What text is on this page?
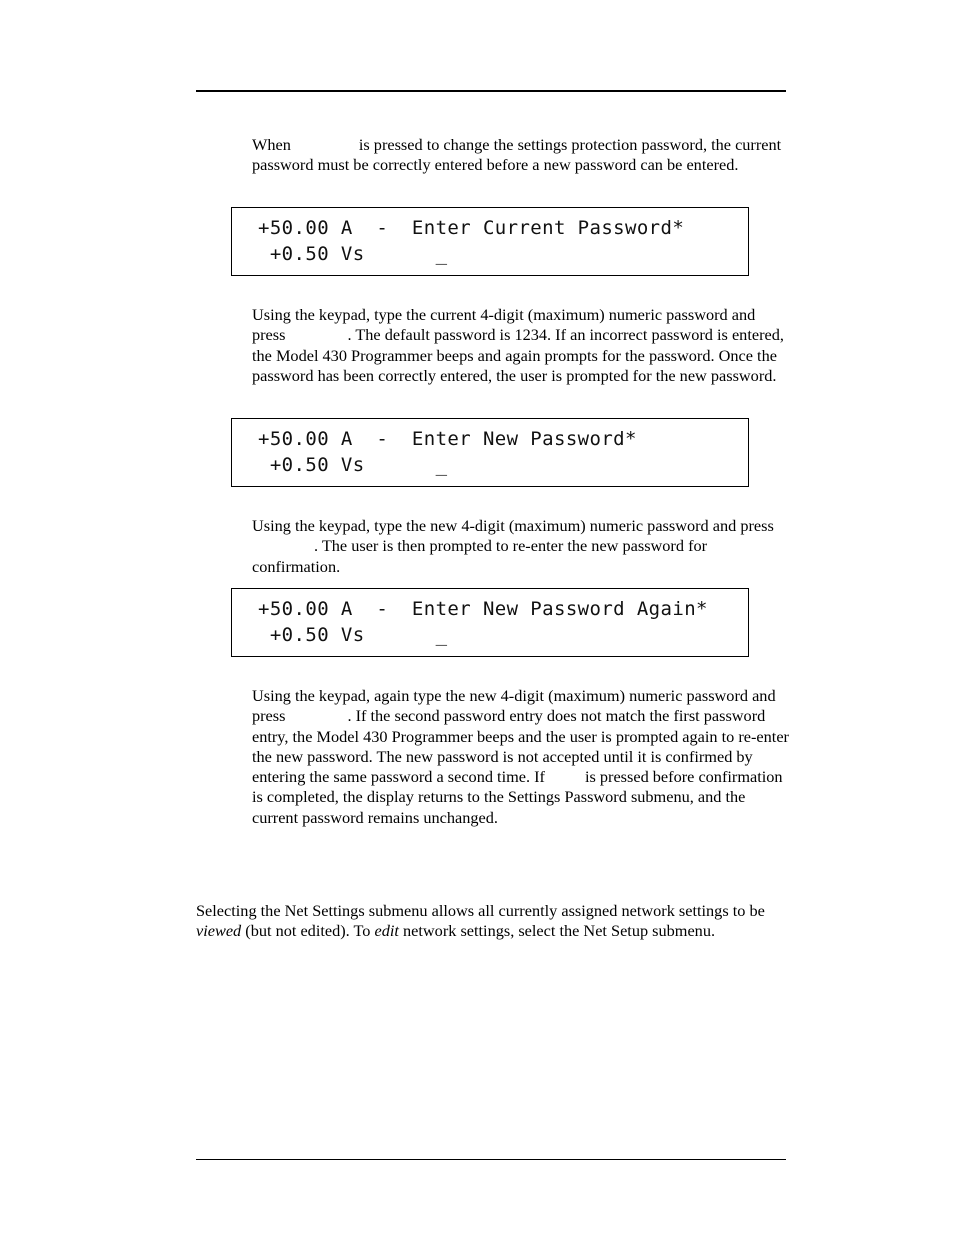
When	is pressed to change the settings protection password, the current password must be correctly entered before a new password can be entered.

+50.00 A  -  Enter Current Password*
+0.50 Vs      _

Using the keypad, type the current 4-digit (maximum) numeric password and press	. The default password is 1234. If an incorrect password is entered, the Model 430 Programmer beeps and again prompts for the password. Once the password has been correctly entered, the user is prompted for the new password.

+50.00 A  -  Enter New Password*
+0.50 Vs      _

Using the keypad, type the new 4-digit (maximum) numeric password and press. The user is then prompted to re-enter the new password for confirmation.

+50.00 A  -  Enter New Password Again*
+0.50 Vs      _

Using the keypad, again type the new 4-digit (maximum) numeric password and press	. If the second password entry does not match the first password entry, the Model 430 Programmer beeps and the user is prompted again to re-enter the new password. The new password is not accepted until it is confirmed by entering the same password a second time. If is pressed before confirmation is completed, the display returns to the Settings Password submenu, and the current password remains unchanged.

Selecting the Net Settings submenu allows all currently assigned network settings to be viewed (but not edited). To edit network settings, select the Net Setup submenu.
